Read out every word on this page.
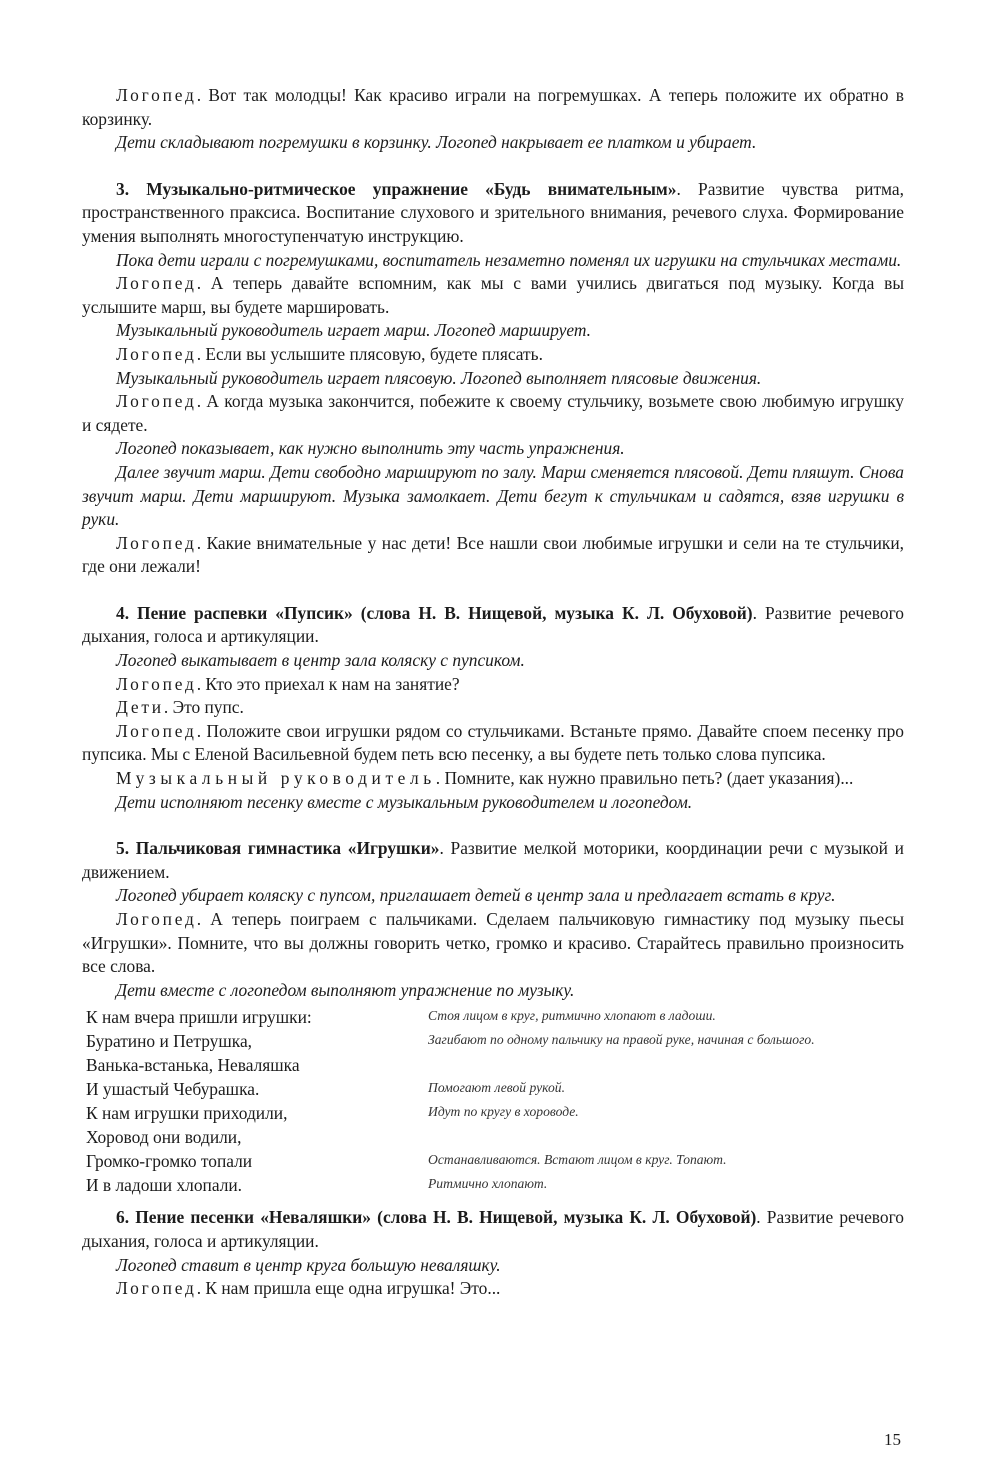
Логопед. Вот так молодцы! Как красиво играли на погремушках. А теперь положите их обратно в корзинку.

Дети складывают погремушки в корзинку. Логопед накрывает ее платком и убирает.

3. Музыкально-ритмическое упражнение «Будь внимательным». Развитие чувства ритма, пространственного праксиса. Воспитание слухового и зрительного внимания, речевого слуха. Формирование умения выполнять многоступенчатую инструкцию.

Пока дети играли с погремушками, воспитатель незаметно поменял их игрушки на стульчиках местами.

Логопед. А теперь давайте вспомним, как мы с вами учились двигаться под музыку. Когда вы услышите марш, вы будете маршировать.

Музыкальный руководитель играет марш. Логопед марширует.

Логопед. Если вы услышите плясовую, будете плясать.

Музыкальный руководитель играет плясовую. Логопед выполняет плясовые движения.

Логопед. А когда музыка закончится, побежите к своему стульчику, возьмете свою любимую игрушку и сядете.

Логопед показывает, как нужно выполнить эту часть упражнения.

Далее звучит марш. Дети свободно маршируют по залу. Марш сменяется плясовой. Дети пляшут. Снова звучит марш. Дети маршируют. Музыка замолкает. Дети бегут к стульчикам и садятся, взяв игрушки в руки.

Логопед. Какие внимательные у нас дети! Все нашли свои любимые игрушки и сели на те стульчики, где они лежали!

4. Пение распевки «Пупсик» (слова Н. В. Нищевой, музыка К. Л. Обуховой). Развитие речевого дыхания, голоса и артикуляции.

Логопед выкатывает в центр зала коляску с пупсиком.

Логопед. Кто это приехал к нам на занятие?

Дети. Это пупс.

Логопед. Положите свои игрушки рядом со стульчиками. Встаньте прямо. Давайте споем песенку про пупсика. Мы с Еленой Васильевной будем петь всю песенку, а вы будете петь только слова пупсика.

Музыкальный руководитель. Помните, как нужно правильно петь? (дает указания)...

Дети исполняют песенку вместе с музыкальным руководителем и логопедом.

5. Пальчиковая гимнастика «Игрушки». Развитие мелкой моторики, координации речи с музыкой и движением.

Логопед убирает коляску с пупсом, приглашает детей в центр зала и предлагает встать в круг.

Логопед. А теперь поиграем с пальчиками. Сделаем пальчиковую гимнастику под музыку пьесы «Игрушки». Помните, что вы должны говорить четко, громко и красиво. Старайтесь правильно произносить все слова.

Дети вместе с логопедом выполняют упражнение по музыку.

К нам вчера пришли игрушки:	Стоя лицом в круг, ритмично хлопают в ладоши.
Буратино и Петрушка,	Загибают по одному пальчику на правой руке, начиная с большого.
Ванька-встанька, Неваляшка
И ушастый Чебурашка.	Помогают левой рукой.
К нам игрушки приходили,	Идут по кругу в хороводе.
Хоровод они водили,
Громко-громко топали	Останавливаются. Встают лицом в круг. Топают.
И в ладоши хлопали.	Ритмично хлопают.

6. Пение песенки «Неваляшки» (слова Н. В. Нищевой, музыка К. Л. Обуховой). Развитие речевого дыхания, голоса и артикуляции.

Логопед ставит в центр круга большую неваляшку.

Логопед. К нам пришла еще одна игрушка! Это...

15
